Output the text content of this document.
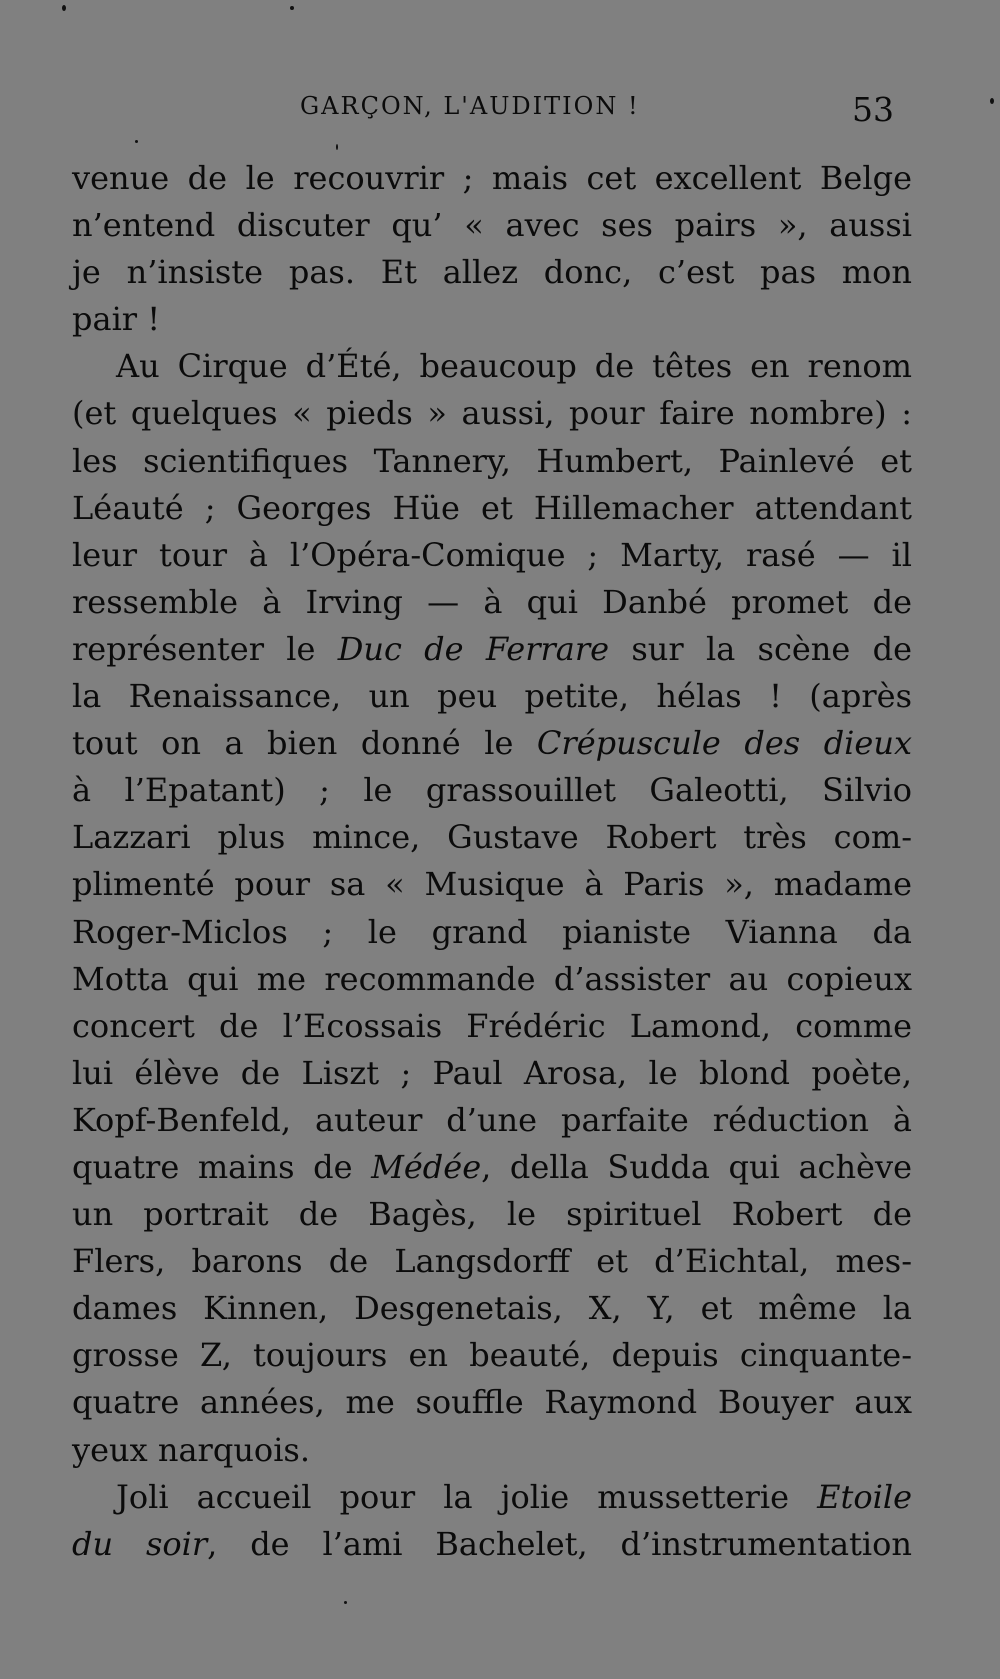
GARÇON, L'AUDITION !	53
venue de le recouvrir ; mais cet excellent Belge
n’entend discuter qu’ « avec ses pairs », aussi
je n’insiste pas. Et allez donc, c’est pas mon
pair !
Au Cirque d’Été, beaucoup de têtes en renom
(et quelques « pieds » aussi, pour faire nombre) :
les scientifiques Tannery, Humbert, Painlevé et
Léauté ; Georges Hüe et Hillemacher attendant
leur tour à l’Opéra-Comique ; Marty, rasé — il
ressemble à Irving — à qui Danbé promet de
représenter le Duc de Ferrare sur la scène de
la Renaissance, un peu petite, hélas ! (après
tout on a bien donné le Crépuscule des dieux
à l’Epatant) ; le grassouillet Galeotti, Silvio
Lazzari plus mince, Gustave Robert très com-
plimenté pour sa « Musique à Paris », madame
Roger-Miclos ; le grand pianiste Vianna da
Motta qui me recommande d’assister au copieux
concert de l’Ecossais Frédéric Lamond, comme
lui élève de Liszt ; Paul Arosa, le blond poète,
Kopf-Benfeld, auteur d’une parfaite réduction à
quatre mains de Médée, della Sudda qui achève
un portrait de Bagès, le spirituel Robert de
Flers, barons de Langsdorff et d’Eichtal, mes-
dames Kinnen, Desgenetais, X, Y, et même la
grosse Z, toujours en beauté, depuis cinquante-
quatre années, me souffle Raymond Bouyer aux
yeux narquois.
Joli accueil pour la jolie mussetterie Etoile
du soir, de l’ami Bachelet, d’instrumentation
